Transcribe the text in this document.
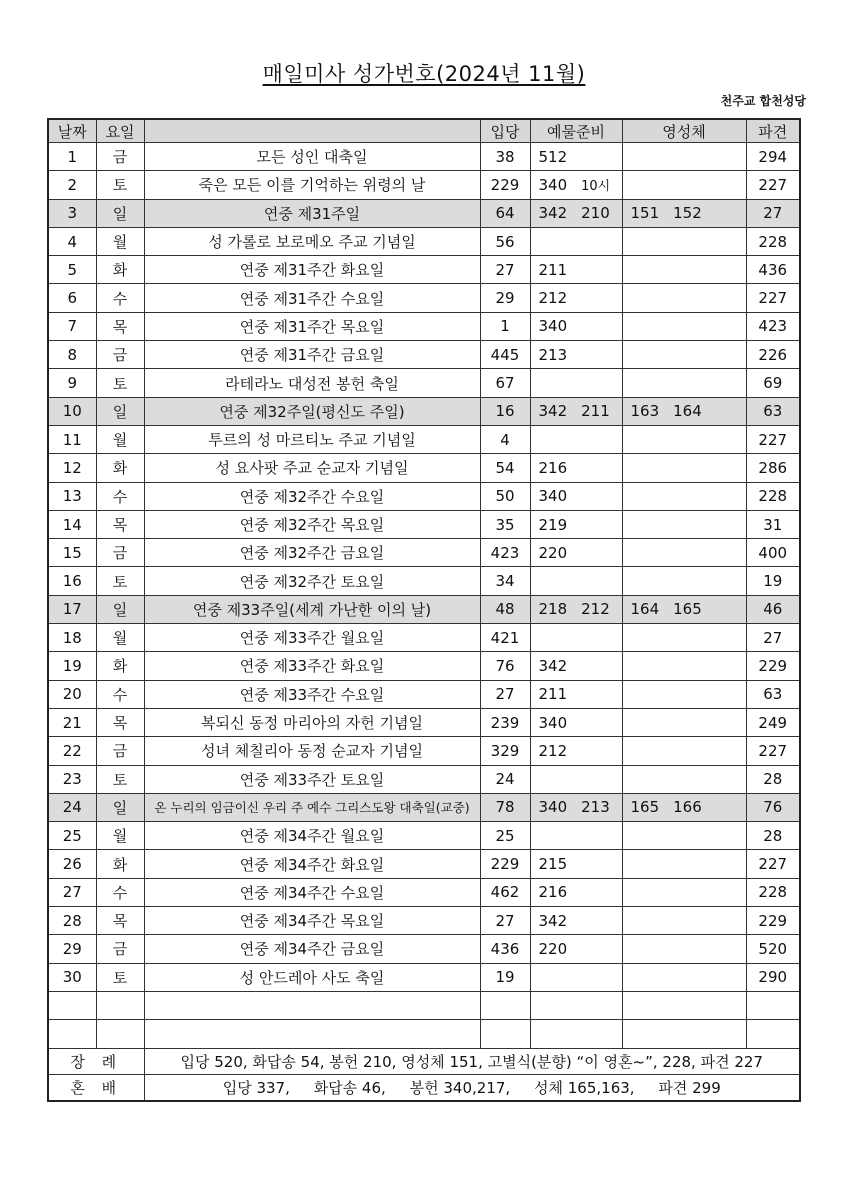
매일미사 성가번호(2024년 11월)
천주교 합천성당
날짜	요일		입당	예물준비	영성체	파견
1	금	모든 성인 대축일	38	512		294
2	토	죽은 모든 이를 기억하는 위령의 날	229	340 10시		227
3	일	연중 제31주일	64	342 210	151 152	27
4	월	성 가롤로 보로메오 주교 기념일	56			228
5	화	연중 제31주간 화요일	27	211		436
6	수	연중 제31주간 수요일	29	212		227
7	목	연중 제31주간 목요일	1	340		423
8	금	연중 제31주간 금요일	445	213		226
9	토	라테라노 대성전 봉헌 축일	67			69
10	일	연중 제32주일(평신도 주일)	16	342 211	163 164	63
11	월	투르의 성 마르티노 주교 기념일	4			227
12	화	성 요사팟 주교 순교자 기념일	54	216		286
13	수	연중 제32주간 수요일	50	340		228
14	목	연중 제32주간 목요일	35	219		31
15	금	연중 제32주간 금요일	423	220		400
16	토	연중 제32주간 토요일	34			19
17	일	연중 제33주일(세계 가난한 이의 날)	48	218 212	164 165	46
18	월	연중 제33주간 월요일	421			27
19	화	연중 제33주간 화요일	76	342		229
20	수	연중 제33주간 수요일	27	211		63
21	목	복되신 동정 마리아의 자헌 기념일	239	340		249
22	금	성녀 체칠리아 동정 순교자 기념일	329	212		227
23	토	연중 제33주간 토요일	24			28
24	일	온 누리의 임금이신 우리 주 예수 그리스도왕 대축일(교중)	78	340 213	165 166	76
25	월	연중 제34주간 월요일	25			28
26	화	연중 제34주간 화요일	229	215		227
27	수	연중 제34주간 수요일	462	216		228
28	목	연중 제34주간 목요일	27	342		229
29	금	연중 제34주간 금요일	436	220		520
30	토	성 안드레아 사도 축일	19			290

장 례		입당 520, 화답송 54, 봉헌 210, 영성체 151, 고별식(분향) “이 영혼~”, 228, 파견 227				
혼 배		입당 337,     화답송 46,     봉헌 340,217,     성체 165,163,     파견 299				
